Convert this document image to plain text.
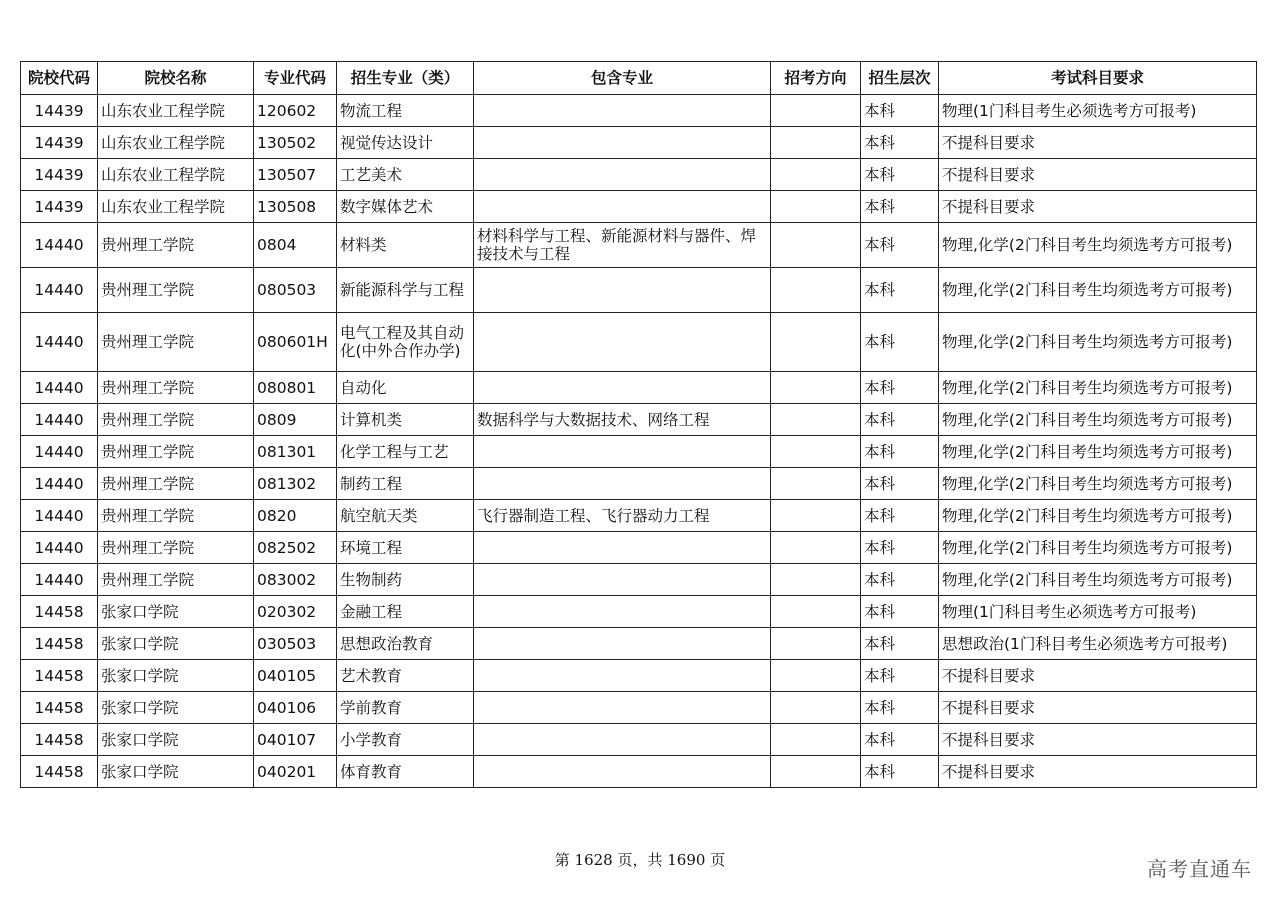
院校代码	院校名称	专业代码	招生专业（类）	包含专业	招考方向	招生层次	考试科目要求
14439	山东农业工程学院	120602	物流工程			本科	物理(1门科目考生必须选考方可报考)
14439	山东农业工程学院	130502	视觉传达设计			本科	不提科目要求
14439	山东农业工程学院	130507	工艺美术			本科	不提科目要求
14439	山东农业工程学院	130508	数字媒体艺术			本科	不提科目要求
14440	贵州理工学院	0804	材料类	材料科学与工程、新能源材料与器件、焊接技术与工程		本科	物理,化学(2门科目考生均须选考方可报考)
14440	贵州理工学院	080503	新能源科学与工程			本科	物理,化学(2门科目考生均须选考方可报考)
14440	贵州理工学院	080601H	电气工程及其自动化(中外合作办学)			本科	物理,化学(2门科目考生均须选考方可报考)
14440	贵州理工学院	080801	自动化			本科	物理,化学(2门科目考生均须选考方可报考)
14440	贵州理工学院	0809	计算机类	数据科学与大数据技术、网络工程		本科	物理,化学(2门科目考生均须选考方可报考)
14440	贵州理工学院	081301	化学工程与工艺			本科	物理,化学(2门科目考生均须选考方可报考)
14440	贵州理工学院	081302	制药工程			本科	物理,化学(2门科目考生均须选考方可报考)
14440	贵州理工学院	0820	航空航天类	飞行器制造工程、飞行器动力工程		本科	物理,化学(2门科目考生均须选考方可报考)
14440	贵州理工学院	082502	环境工程			本科	物理,化学(2门科目考生均须选考方可报考)
14440	贵州理工学院	083002	生物制药			本科	物理,化学(2门科目考生均须选考方可报考)
14458	张家口学院	020302	金融工程			本科	物理(1门科目考生必须选考方可报考)
14458	张家口学院	030503	思想政治教育			本科	思想政治(1门科目考生必须选考方可报考)
14458	张家口学院	040105	艺术教育			本科	不提科目要求
14458	张家口学院	040106	学前教育			本科	不提科目要求
14458	张家口学院	040107	小学教育			本科	不提科目要求
14458	张家口学院	040201	体育教育			本科	不提科目要求
第 1628 页，共 1690 页	高考直通车
